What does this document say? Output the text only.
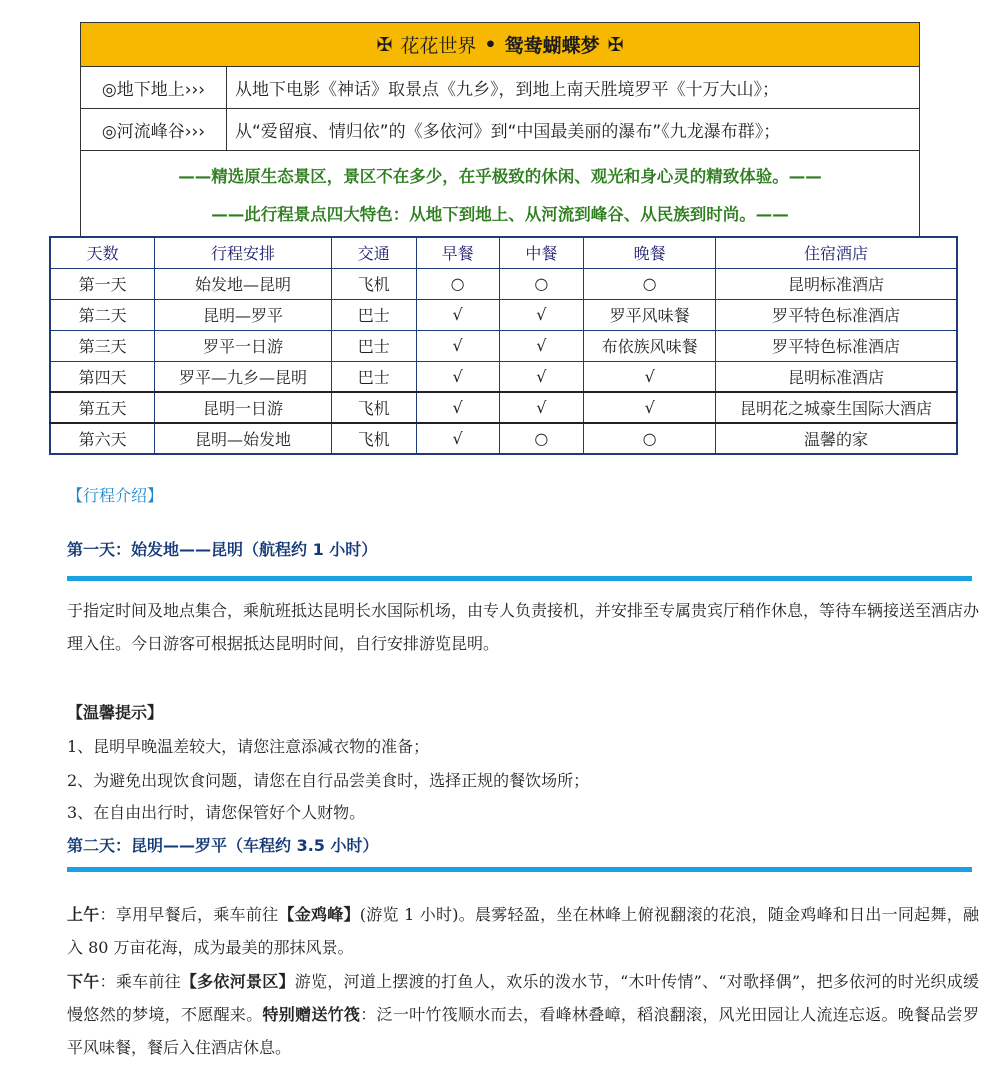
✠ 花花世界 • 鸳鸯蝴蝶梦 ✠
◎地下地上›››	从地下电影《神话》取景点《九乡》，到地上南天胜境罗平《十万大山》；
◎河流峰谷›››	从“爱留痕、情归依”的《多依河》到“中国最美丽的瀑布”《九龙瀑布群》；
——精选原生态景区，景区不在多少，在乎极致的休闲、观光和身心灵的精致体验。——
——此行程景点四大特色：从地下到地上、从河流到峰谷、从民族到时尚。——
天数	行程安排	交通	早餐	中餐	晚餐	住宿酒店
第一天	始发地—昆明	飞机	○	○	○	昆明标准酒店
第二天	昆明—罗平	巴士	√	√	罗平风味餐	罗平特色标准酒店
第三天	罗平一日游	巴士	√	√	布依族风味餐	罗平特色标准酒店
第四天	罗平—九乡—昆明	巴士	√	√	√	昆明标准酒店
第五天	昆明一日游	飞机	√	√	√	昆明花之城豪生国际大酒店
第六天	昆明—始发地	飞机	√	○	○	温馨的家
【行程介绍】
第一天：始发地——昆明（航程约 1 小时）
于指定时间及地点集合，乘航班抵达昆明长水国际机场，由专人负责接机，并安排至专属贵宾厅稍作休息，等待车辆接送至酒店办理入住。今日游客可根据抵达昆明时间，自行安排游览昆明。
【温馨提示】
1、昆明早晚温差较大，请您注意添减衣物的准备；
2、为避免出现饮食问题，请您在自行品尝美食时，选择正规的餐饮场所；
3、在自由出行时，请您保管好个人财物。
第二天：昆明——罗平（车程约 3.5 小时）
上午：享用早餐后，乘车前往【金鸡峰】(游览 1 小时)。晨雾轻盈，坐在林峰上俯视翻滚的花浪，随金鸡峰和日出一同起舞，融入 80 万亩花海，成为最美的那抹风景。
下午：乘车前往【多依河景区】游览，河道上摆渡的打鱼人，欢乐的泼水节，“木叶传情”、“对歌择偶”，把多依河的时光织成缓慢悠然的梦境，不愿醒来。特别赠送竹筏：泛一叶竹筏顺水而去，看峰林叠嶂，稻浪翻滚，风光田园让人流连忘返。晚餐品尝罗平风味餐，餐后入住酒店休息。
